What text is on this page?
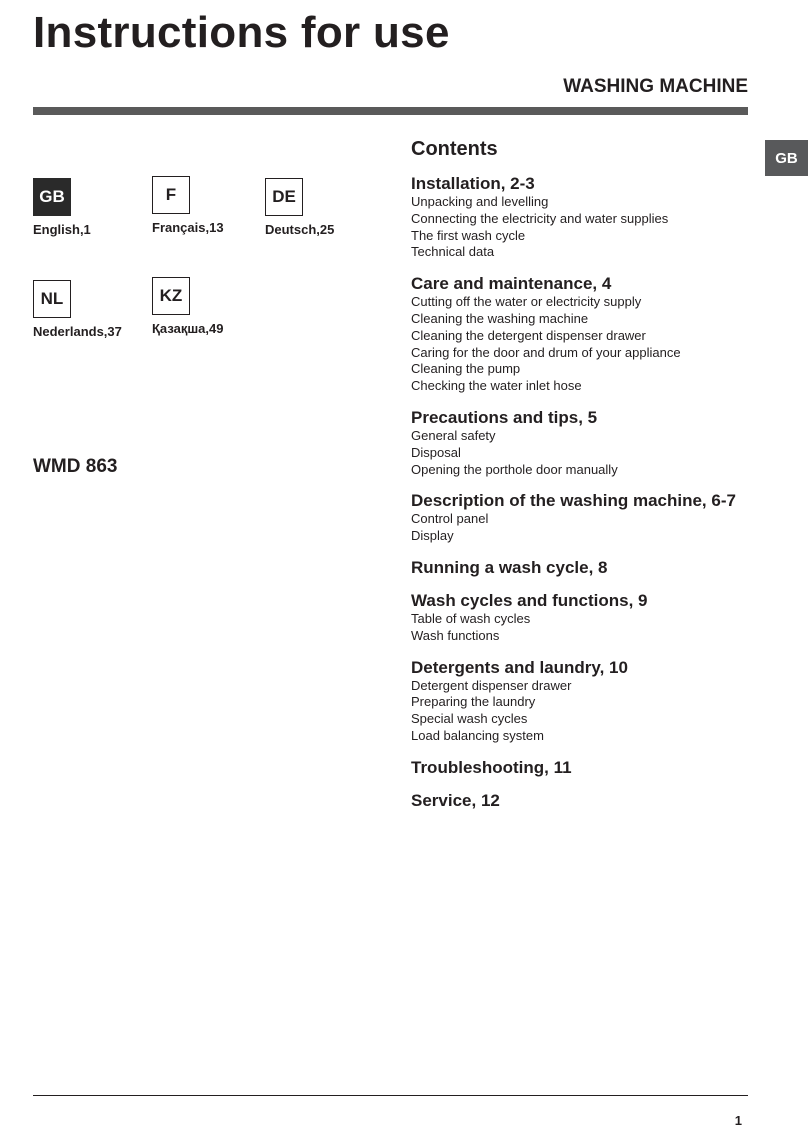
Instructions for use
WASHING MACHINE
GB
GB
English,1
F
Français,13
DE
Deutsch,25
NL
Nederlands,37
KZ
Қазақша,49
WMD 863
Contents
Installation, 2-3
Unpacking and levelling
Connecting the electricity and water supplies
The first wash cycle
Technical data
Care and maintenance, 4
Cutting off the water or electricity supply
Cleaning the washing machine
Cleaning the detergent dispenser drawer
Caring for the door and drum of your appliance
Cleaning the pump
Checking the water inlet hose
Precautions and tips, 5
General safety
Disposal
Opening the porthole door manually
Description of the washing machine, 6-7
Control panel
Display
Running a wash cycle, 8
Wash cycles and functions, 9
Table of wash cycles
Wash functions
Detergents and laundry, 10
Detergent dispenser drawer
Preparing the laundry
Special wash cycles
Load balancing system
Troubleshooting, 11
Service, 12
1
